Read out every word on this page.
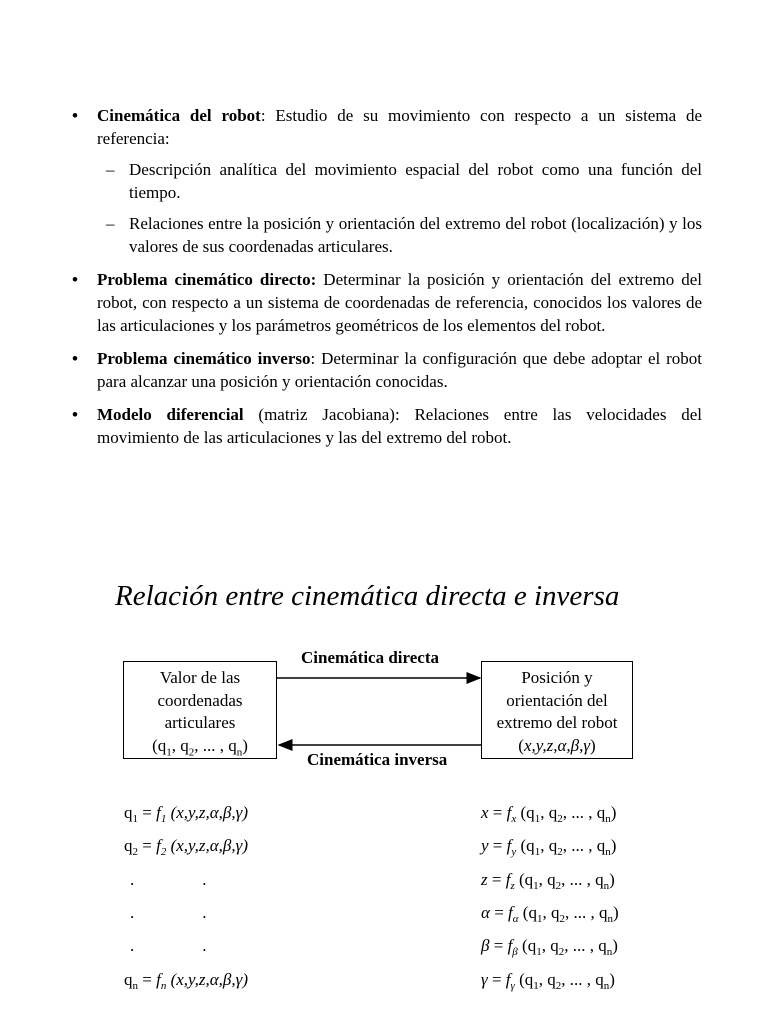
• Cinemática del robot: Estudio de su movimiento con respecto a un sistema de referencia:
– Descripción analítica del movimiento espacial del robot como una función del tiempo.
– Relaciones entre la posición y orientación del extremo del robot (localización) y los valores de sus coordenadas articulares.
• Problema cinemático directo: Determinar la posición y orientación del extremo del robot, con respecto a un sistema de coordenadas de referencia, conocidos los valores de las articulaciones y los parámetros geométricos de los elementos del robot.
• Problema cinemático inverso: Determinar la configuración que debe adoptar el robot para alcanzar una posición y orientación conocidas.
• Modelo diferencial (matriz Jacobiana): Relaciones entre las velocidades del movimiento de las articulaciones y las del extremo del robot.
Relación entre cinemática directa e inversa
Valor de las
coordenadas
articulares
($q_1$, $q_2$, ... , $q_n$)
Posición y
orientación del
extremo del robot
(x,y,z,α,β,γ)
Cinemática directa
Cinemática inversa
$q_1 = f_1$ (x,y,z,α,β,γ)
$q_2 = f_2$ (x,y,z,α,β,γ)
.                .
.                .
.                .
$q_n = f_n$ (x,y,z,α,β,γ)
$x = f_x$ ($q_1$, $q_2$, ... , $q_n$)
$y = f_y$ ($q_1$, $q_2$, ... , $q_n$)
$z = f_z$ ($q_1$, $q_2$, ... , $q_n$)
$\alpha = f_\alpha$ ($q_1$, $q_2$, ... , $q_n$)
$\beta = f_\beta$ ($q_1$, $q_2$, ... , $q_n$)
$\gamma = f_\gamma$ ($q_1$, $q_2$, ... , $q_n$)
